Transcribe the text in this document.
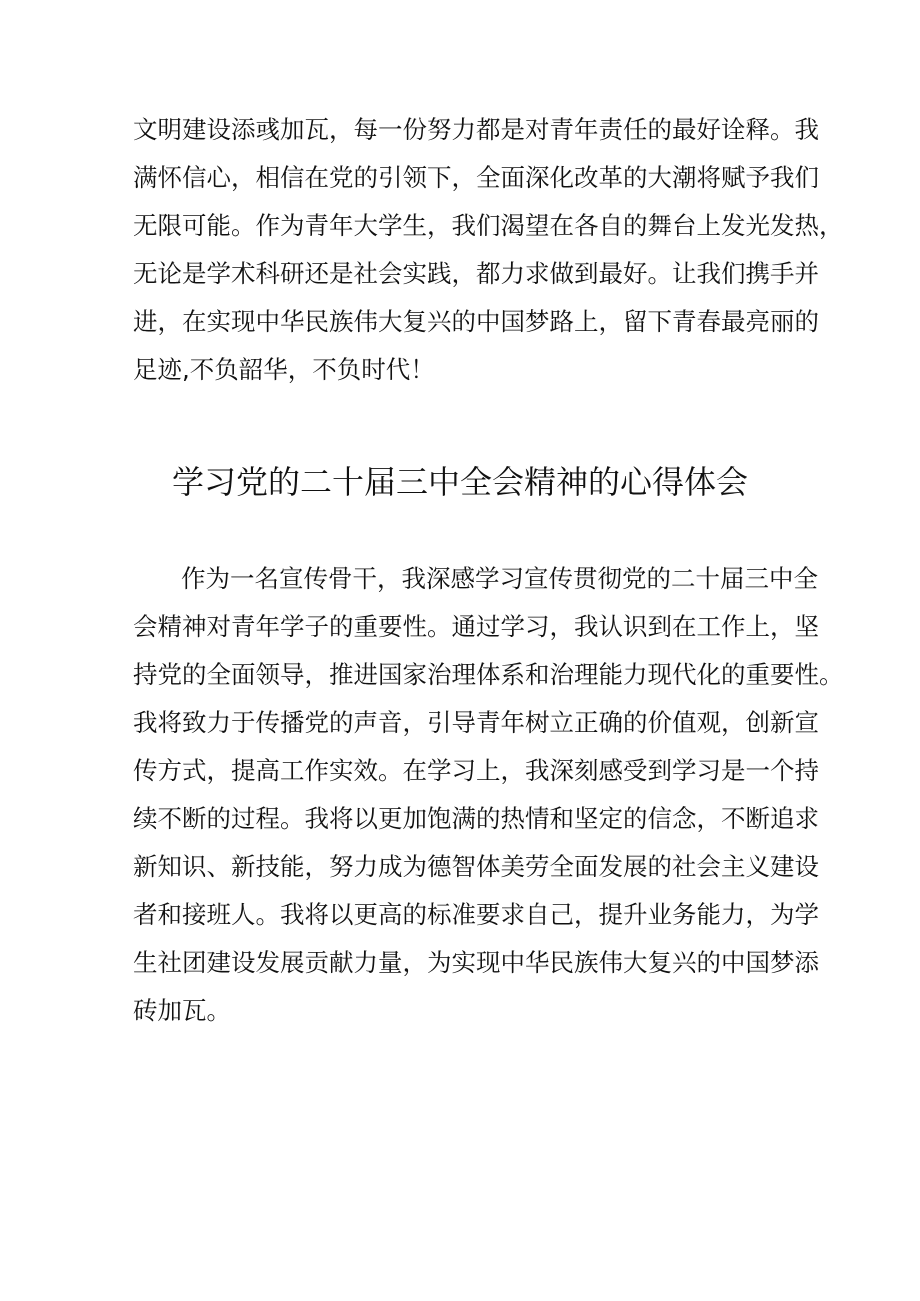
文明建设添彧加瓦，每一份努力都是对青年责任的最好诠释。我
满怀信心，相信在党的引领下，全面深化改革的大潮将赋予我们
无限可能。作为青年大学生，我们渴望在各自的舞台上发光发热，
无论是学术科研还是社会实践，都力求做到最好。让我们携手并
进，在实现中华民族伟大复兴的中国梦路上，留下青春最亮丽的
足迹,不负韶华，不负时代！
学习党的二十届三中全会精神的心得体会
作为一名宣传骨干，我深感学习宣传贯彻党的二十届三中全
会精神对青年学子的重要性。通过学习，我认识到在工作上，坚
持党的全面领导，推进国家治理体系和治理能力现代化的重要性。
我将致力于传播党的声音，引导青年树立正确的价值观，创新宣
传方式，提高工作实效。在学习上，我深刻感受到学习是一个持
续不断的过程。我将以更加饱满的热情和坚定的信念，不断追求
新知识、新技能，努力成为德智体美劳全面发展的社会主义建设
者和接班人。我将以更高的标准要求自己，提升业务能力，为学
生社团建设发展贡献力量，为实现中华民族伟大复兴的中国梦添
砖加瓦。
